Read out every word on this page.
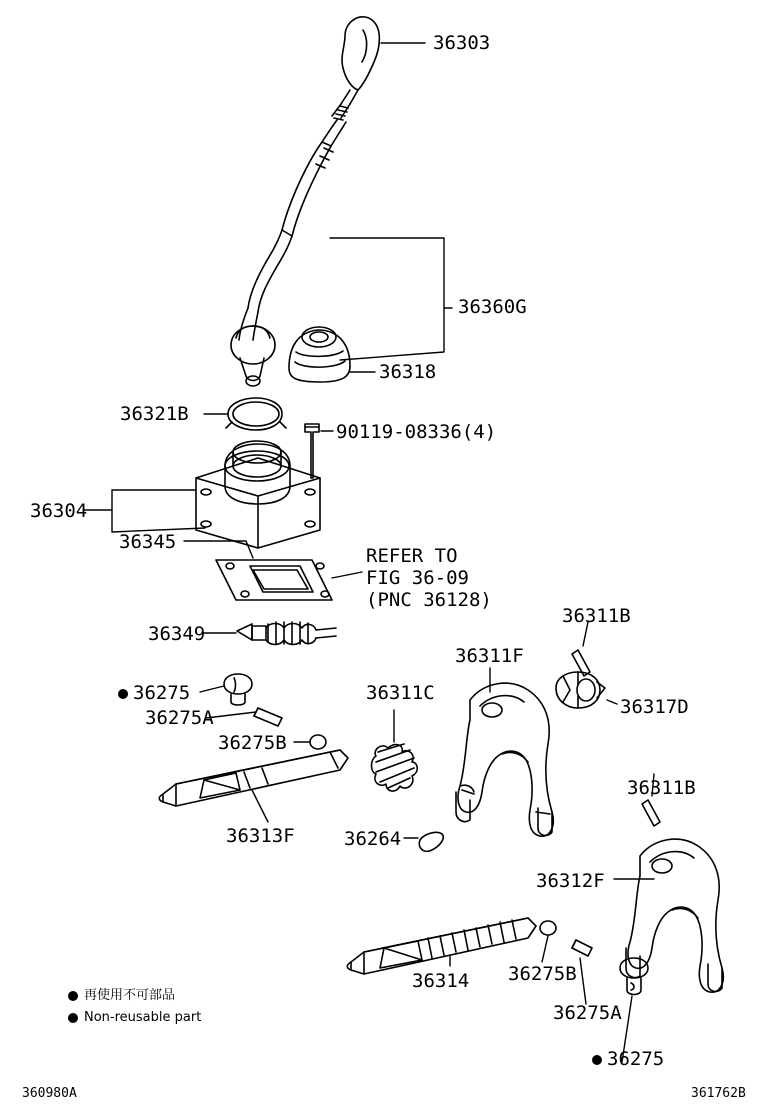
36303
36360G
36318
36321B
90119-08336(4)
36304
36345
36349
36275
36275A
36275B
36313F
36311C
36311F
36311B
36317D
36264
36311B
36312F
36314 36275B
36275A
36275
REFER TO
FIG 36-09
(PNC 36128)
再使用不可部品
Non-reusable part
360980A	361762B
